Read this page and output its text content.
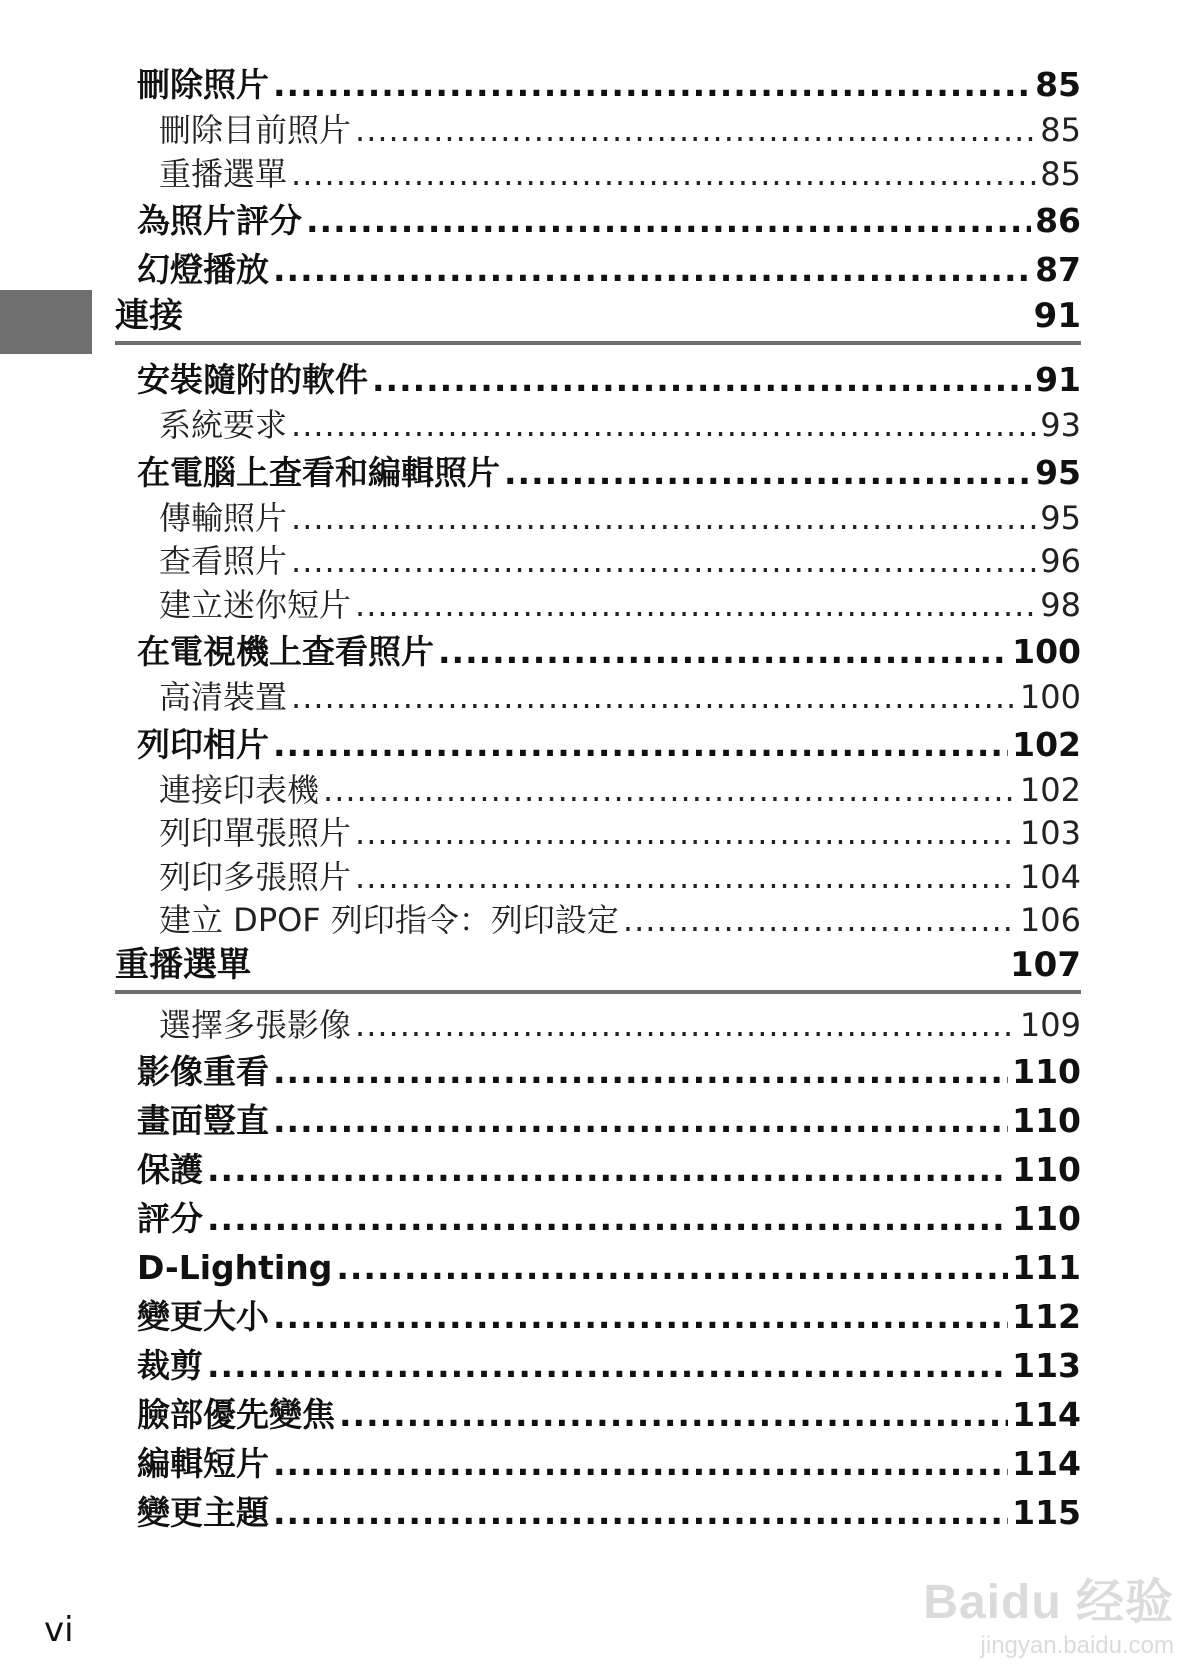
刪除照片 .....	85
刪除目前照片 .....	85
重播選單 .....	85
為照片評分 .....	86
幻燈播放 .....	87
連接	91
安裝隨附的軟件 .....	91
系統要求 .....	93
在電腦上查看和編輯照片 .....	95
傳輸照片 .....	95
查看照片 .....	96
建立迷你短片 .....	98
在電視機上查看照片 .....	100
高清裝置 .....	100
列印相片 .....	102
連接印表機 .....	102
列印單張照片 .....	103
列印多張照片 .....	104
建立 DPOF 列印指令：列印設定 .....	106
重播選單	107
選擇多張影像 .....	109
影像重看 .....	110
畫面豎直 .....	110
保護 .....	110
評分 .....	110
D-Lighting .....	111
變更大小 .....	112
裁剪 .....	113
臉部優先變焦 .....	114
編輯短片 .....	114
變更主題 .....	115
vi
Baidu 经验
jingyan.baidu.com
